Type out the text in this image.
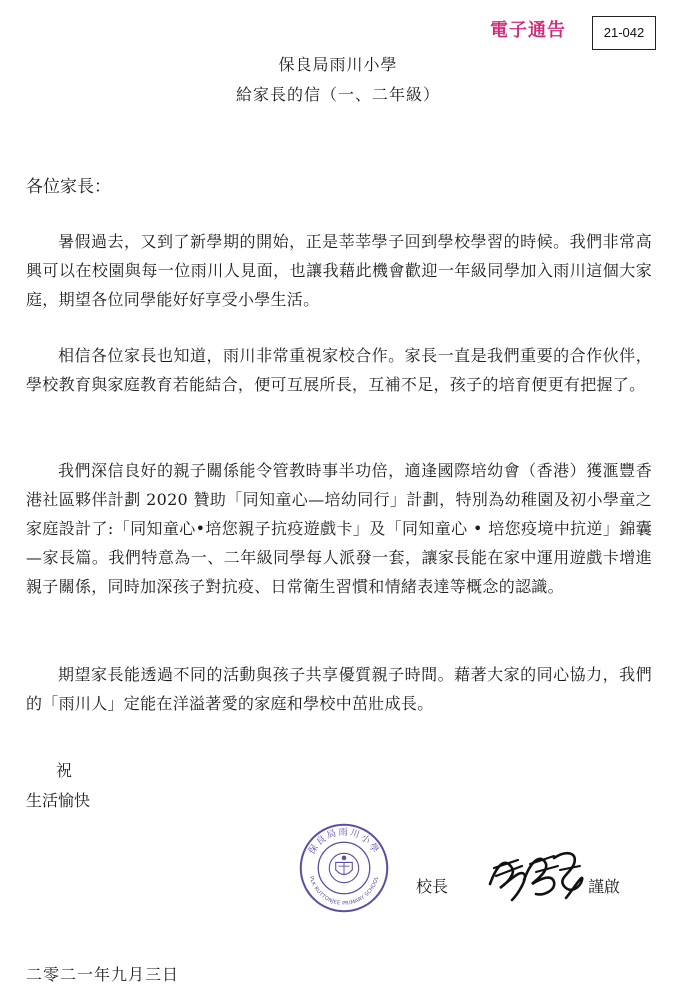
電子通告	21-042
保良局雨川小學
給家長的信（一、二年級）
各位家長：

暑假過去，又到了新學期的開始，正是莘莘學子回到學校學習的時候。我們非常高興可以在校園與每一位雨川人見面，也讓我藉此機會歡迎一年級同學加入雨川這個大家庭，期望各位同學能好好享受小學生活。

相信各位家長也知道，雨川非常重視家校合作。家長一直是我們重要的合作伙伴，學校教育與家庭教育若能結合，便可互展所長，互補不足，孩子的培育便更有把握了。

我們深信良好的親子關係能令管教時事半功倍，適逢國際培幼會（香港）獲滙豐香港社區夥伴計劃 2020 贊助「同知童心—培幼同行」計劃，特別為幼稚園及初小學童之家庭設計了:「同知童心•培您親子抗疫遊戲卡」及「同知童心 • 培您疫境中抗逆」錦囊—家長篇。我們特意為一、二年級同學每人派發一套，讓家長能在家中運用遊戲卡增進親子關係，同時加深孩子對抗疫、日常衛生習慣和情緒表達等概念的認識。

期望家長能透過不同的活動與孩子共享優質親子時間。藉著大家的同心協力，我們的「雨川人」定能在洋溢著愛的家庭和學校中茁壯成長。

祝
生活愉快
保良局雨川小學
PLK RUTTONJEE PRIMARY SCHOOL 校長	謹啟
二零二一年九月三日
